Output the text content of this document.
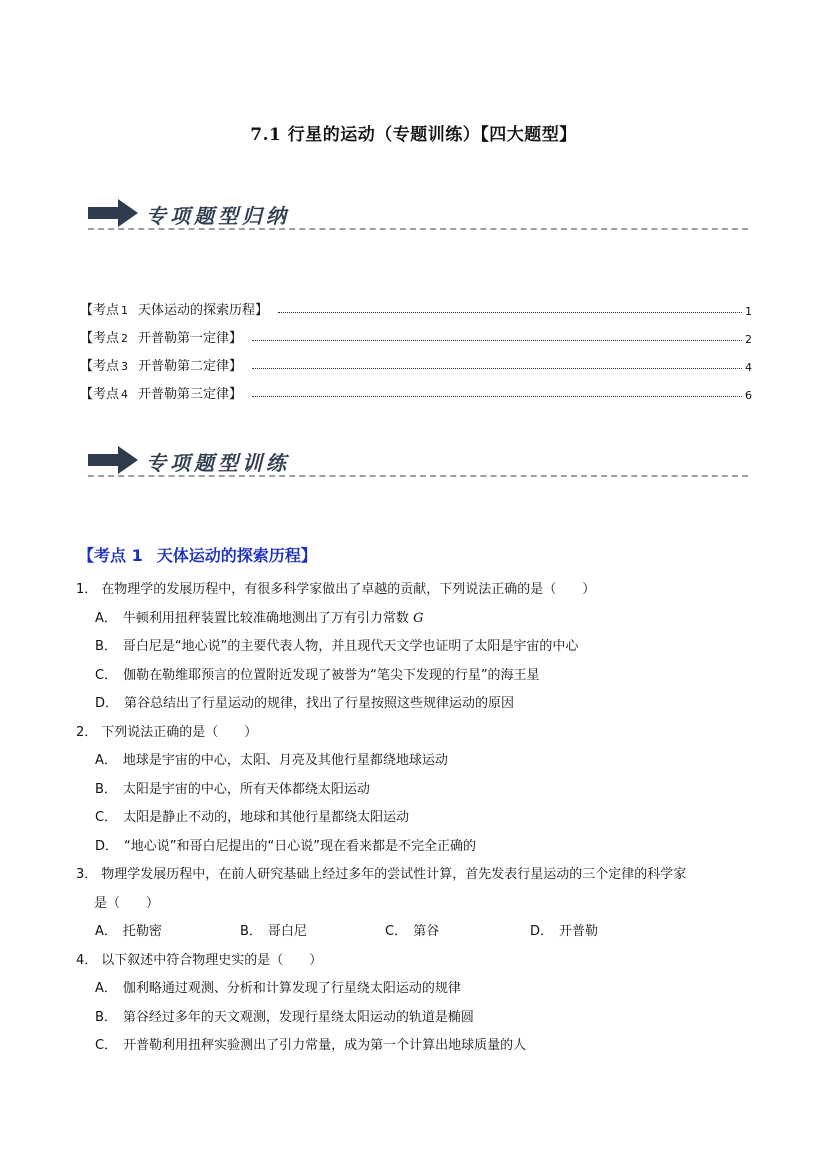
7.1 行星的运动（专题训练）【四大题型】
专项题型归纳
【考点 1 天体运动的探索历程】	1
【考点 2 开普勒第一定律】	2
【考点 3 开普勒第二定律】	4
【考点 4 开普勒第三定律】	6
专项题型训练
【考点 1 天体运动的探索历程】
1． 在物理学的发展历程中，有很多科学家做出了卓越的贡献，下列说法正确的是（　　）
A． 牛顿利用扭秤装置比较准确地测出了万有引力常数 G
B． 哥白尼是“地心说”的主要代表人物，并且现代天文学也证明了太阳是宇宙的中心
C． 伽勒在勒维耶预言的位置附近发现了被誉为“笔尖下发现的行星”的海王星
D． 第谷总结出了行星运动的规律，找出了行星按照这些规律运动的原因
2． 下列说法正确的是（　　）
A． 地球是宇宙的中心，太阳、月亮及其他行星都绕地球运动
B． 太阳是宇宙的中心，所有天体都绕太阳运动
C． 太阳是静止不动的，地球和其他行星都绕太阳运动
D． “地心说”和哥白尼提出的“日心说”现在看来都是不完全正确的
3． 物理学发展历程中，在前人研究基础上经过多年的尝试性计算，首先发表行星运动的三个定律的科学家
是（　　）
A． 托勒密	B． 哥白尼	C． 第谷	D． 开普勒
4． 以下叙述中符合物理史实的是（　　）
A． 伽利略通过观测、分析和计算发现了行星绕太阳运动的规律
B． 第谷经过多年的天文观测，发现行星绕太阳运动的轨道是椭圆
C． 开普勒利用扭秤实验测出了引力常量，成为第一个计算出地球质量的人
